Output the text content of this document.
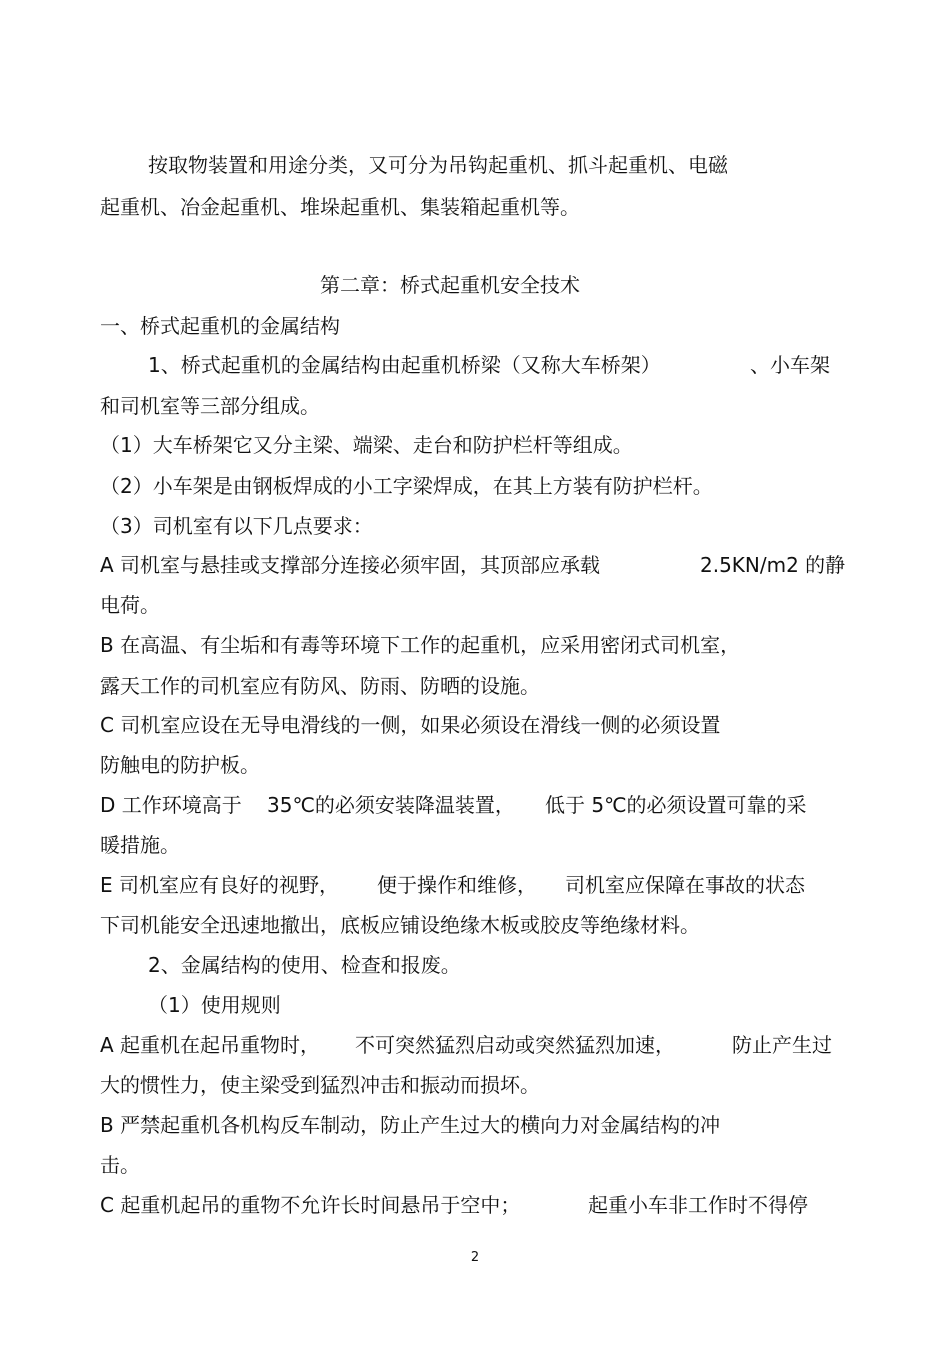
按取物装置和用途分类，又可分为吊钩起重机、抓斗起重机、电磁
起重机、冶金起重机、堆垛起重机、集装箱起重机等。
第二章：桥式起重机安全技术
一、桥式起重机的金属结构
1、桥式起重机的金属结构由起重机桥梁（又称大车桥架）	、小车架
和司机室等三部分组成。
（1）大车桥架它又分主梁、端梁、走台和防护栏杆等组成。
（2）小车架是由钢板焊成的小工字梁焊成，在其上方装有防护栏杆。
（3）司机室有以下几点要求：
A 司机室与悬挂或支撑部分连接必须牢固，其顶部应承载	2.5KN/m2 的静
电荷。
B 在高温、有尘垢和有毒等环境下工作的起重机，应采用密闭式司机室，
露天工作的司机室应有防风、防雨、防晒的设施。
C 司机室应设在无导电滑线的一侧，如果必须设在滑线一侧的必须设置
防触电的防护板。
D 工作环境高于 35℃的必须安装降温装置， 低于 5℃的必须设置可靠的采
暖措施。
E 司机室应有良好的视野， 便于操作和维修， 司机室应保障在事故的状态
下司机能安全迅速地撤出，底板应铺设绝缘木板或胶皮等绝缘材料。
2、金属结构的使用、检查和报废。
（1）使用规则
A 起重机在起吊重物时， 不可突然猛烈启动或突然猛烈加速，	防止产生过
大的惯性力，使主梁受到猛烈冲击和振动而损坏。
B 严禁起重机各机构反车制动，防止产生过大的横向力对金属结构的冲
击。
C 起重机起吊的重物不允许长时间悬吊于空中；	起重小车非工作时不得停
2
